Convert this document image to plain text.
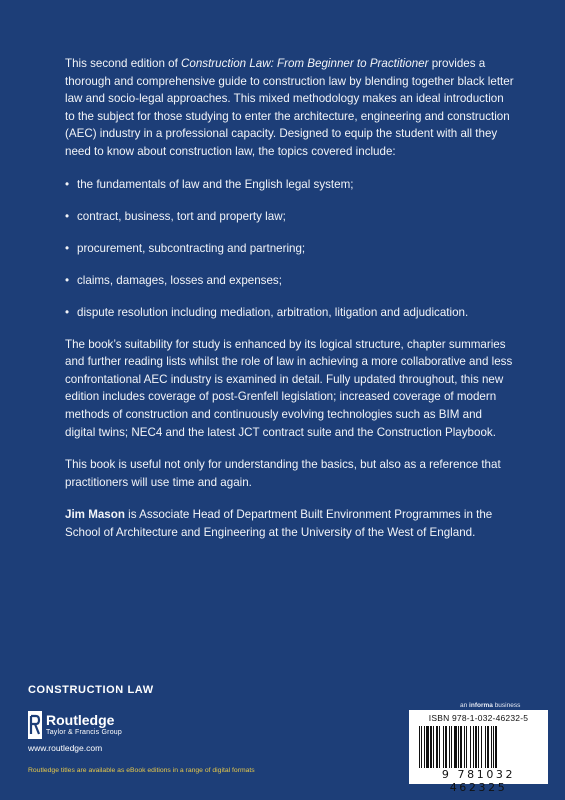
This second edition of Construction Law: From Beginner to Practitioner provides a thorough and comprehensive guide to construction law by blending together black letter law and socio-legal approaches. This mixed methodology makes an ideal introduction to the subject for those studying to enter the architecture, engineering and construction (AEC) industry in a professional capacity. Designed to equip the student with all they need to know about construction law, the topics covered include:

• the fundamentals of law and the English legal system;
• contract, business, tort and property law;
• procurement, subcontracting and partnering;
• claims, damages, losses and expenses;
• dispute resolution including mediation, arbitration, litigation and adjudication.

The book’s suitability for study is enhanced by its logical structure, chapter summaries and further reading lists whilst the role of law in achieving a more collaborative and less confrontational AEC industry is examined in detail. Fully updated throughout, this new edition includes coverage of post-Grenfell legislation; increased coverage of modern methods of construction and continuously evolving technologies such as BIM and digital twins; NEC4 and the latest JCT contract suite and the Construction Playbook.

This book is useful not only for understanding the basics, but also as a reference that practitioners will use time and again.

Jim Mason is Associate Head of Department Built Environment Programmes in the School of Architecture and Engineering at the University of the West of England.

CONSTRUCTION LAW
Routledge
Taylor & Francis Group
www.routledge.com
Routledge titles are available as eBook editions in a range of digital formats
an informa business
ISBN 978-1-032-46232-5
9 781032 462325
